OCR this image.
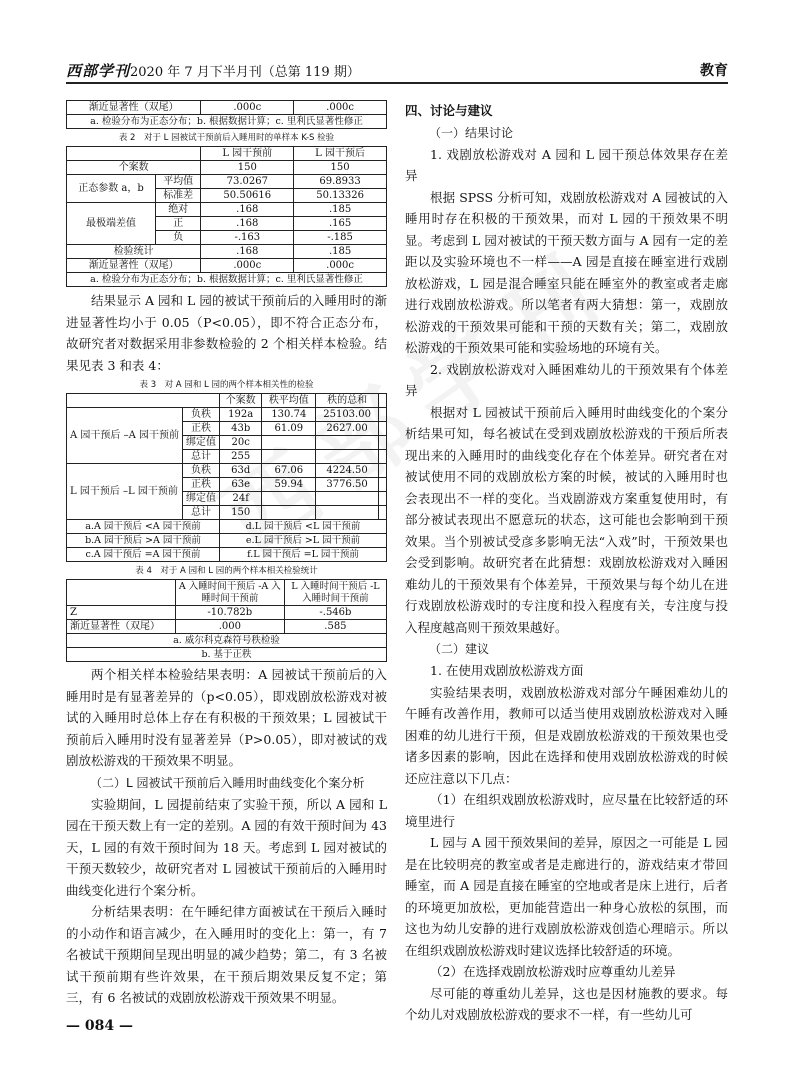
西部学刊 2020 年 7 月下半月刊（总第 119 期）	教育
渐近显著性（双尾）	.000c	.000c
a. 检验分布为正态分布；b. 根据数据计算；c. 里利氏显著性修正
表 2　对于 L 园被试干预前后入睡用时的单样本 K-S 检验
		L 园干预前	L 园干预后
个案数		150	150
正态参数 a，b	平均值	73.0267	69.8933
	标准差	50.50616	50.13326
最极端差值	绝对	.168	.185
	正	.168	.165
	负	-.163	-.185
检验统计		.168	.185
渐近显著性（双尾）		.000c	.000c
a. 检验分布为正态分布；b. 根据数据计算；c. 里利氏显著性修正			

结果显示 A 园和 L 园的被试干预前后的入睡用时的渐进显著性均小于 0.05（P<0.05），即不符合正态分布，故研究者对数据采用非参数检验的 2 个相关样本检验。结果见表 3 和表 4：

表 3　对 A 园和 L 园的两个样本相关性的检验
		个案数	秩平均值	秩的总和	
A 园干预后 –A 园干预前	负秩	192a	130.74	25103.00	
	正秩	43b	61.09	2627.00	
	绑定值	20c			
	总计	255			
L 园干预后 –L 园干预前	负秩	63d	67.06	4224.50	
	正秩	63e	59.94	3776.50	
	绑定值	24f			
	总计	150			
a.A 园干预后 <A 园干预前		d.L 园干预后 <L 园干预前			
b.A 园干预后 >A 园干预前		e.L 园干预后 >L 园干预前			
c.A 园干预后 =A 园干预前		f.L 园干预后 =L 园干预前			
表 4　对于 A 园和 L 园的两个样本相关检验统计
	A 入睡时间干预后 -A 入睡时间干预前	L 入睡时间干预后 -L 入睡时间干预前
Z	-10.782b	-.546b
渐近显著性（双尾）	.000	.585
a. 威尔科克森符号秩检验		
b. 基于正秩		

两个相关样本检验结果表明：A 园被试干预前后的入睡用时是有显著差异的（p<0.05），即戏剧放松游戏对被试的入睡用时总体上存在有积极的干预效果；L 园被试干预前后入睡用时没有显著差异（P>0.05），即对被试的戏剧放松游戏的干预效果不明显。

（二）L 园被试干预前后入睡用时曲线变化个案分析

实验期间，L 园提前结束了实验干预，所以 A 园和 L 园在干预天数上有一定的差别。A 园的有效干预时间为 43 天，L 园的有效干预时间为 18 天。考虑到 L 园对被试的干预天数较少，故研究者对 L 园被试干预前后的入睡用时曲线变化进行个案分析。

分析结果表明：在午睡纪律方面被试在干预后入睡时的小动作和语言减少，在入睡用时的变化上：第一，有 7 名被试干预期间呈现出明显的减少趋势；第二，有 3 名被试干预前期有些许效果，在干预后期效果反复不定；第三，有 6 名被试的戏剧放松游戏干预效果不明显。

四、讨论与建议

（一）结果讨论

1. 戏剧放松游戏对 A 园和 L 园干预总体效果存在差异

根据 SPSS 分析可知，戏剧放松游戏对 A 园被试的入睡用时存在积极的干预效果，而对 L 园的干预效果不明显。考虑到 L 园对被试的干预天数方面与 A 园有一定的差距以及实验环境也不一样——A 园是直接在睡室进行戏剧放松游戏，L 园是混合睡室只能在睡室外的教室或者走廊进行戏剧放松游戏。所以笔者有两大猜想：第一，戏剧放松游戏的干预效果可能和干预的天数有关；第二，戏剧放松游戏的干预效果可能和实验场地的环境有关。

2. 戏剧放松游戏对入睡困难幼儿的干预效果有个体差异

根据对 L 园被试干预前后入睡用时曲线变化的个案分析结果可知，每名被试在受到戏剧放松游戏的干预后所表现出来的入睡用时的曲线变化存在个体差异。研究者在对被试使用不同的戏剧放松方案的时候，被试的入睡用时也会表现出不一样的变化。当戏剧游戏方案重复使用时，有部分被试表现出不愿意玩的状态，这可能也会影响到干预效果。当个别被试受彦多影响无法“入戏”时，干预效果也会受到影响。故研究者在此猜想：戏剧放松游戏对入睡困难幼儿的干预效果有个体差异，干预效果与每个幼儿在进行戏剧放松游戏时的专注度和投入程度有关，专注度与投入程度越高则干预效果越好。

（二）建议

1. 在使用戏剧放松游戏方面

实验结果表明，戏剧放松游戏对部分午睡困难幼儿的午睡有改善作用，教师可以适当使用戏剧放松游戏对入睡困难的幼儿进行干预，但是戏剧放松游戏的干预效果也受诸多因素的影响，因此在选择和使用戏剧放松游戏的时候还应注意以下几点：

（1）在组织戏剧放松游戏时，应尽量在比较舒适的环境里进行

L 园与 A 园干预效果间的差异，原因之一可能是 L 园是在比较明亮的教室或者是走廊进行的，游戏结束才带回睡室，而 A 园是直接在睡室的空地或者是床上进行，后者的环境更加放松，更加能营造出一种身心放松的氛围，而这也为幼儿安静的进行戏剧放松游戏创造心理暗示。所以在组织戏剧放松游戏时建议选择比较舒适的环境。

（2）在选择戏剧放松游戏时应尊重幼儿差异

尽可能的尊重幼儿差异，这也是因材施教的要求。每个幼儿对戏剧放松游戏的要求不一样，有一些幼儿可

— 084 —
